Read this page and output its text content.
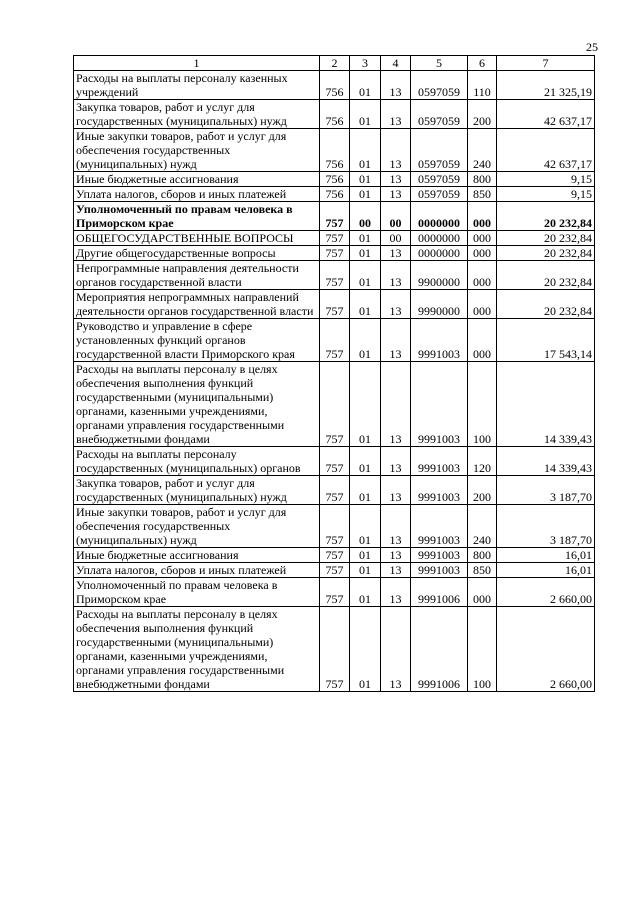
25
1	2	3	4	5	6	7
Расходы на выплаты персоналу казенных учреждений	756	01	13	0597059	110	21 325,19
Закупка товаров, работ и услуг для государственных (муниципальных) нужд	756	01	13	0597059	200	42 637,17
Иные закупки товаров, работ и услуг для обеспечения государственных (муниципальных) нужд	756	01	13	0597059	240	42 637,17
Иные бюджетные ассигнования	756	01	13	0597059	800	9,15
Уплата налогов, сборов и иных платежей	756	01	13	0597059	850	9,15
Уполномоченный по правам человека в Приморском крае	757	00	00	0000000	000	20 232,84
ОБЩЕГОСУДАРСТВЕННЫЕ ВОПРОСЫ	757	01	00	0000000	000	20 232,84
Другие общегосударственные вопросы	757	01	13	0000000	000	20 232,84
Непрограммные направления деятельности органов государственной власти	757	01	13	9900000	000	20 232,84
Мероприятия непрограммных направлений деятельности органов государственной власти	757	01	13	9990000	000	20 232,84
Руководство и управление в сфере установленных функций органов государственной власти Приморского края	757	01	13	9991003	000	17 543,14
Расходы на выплаты персоналу в целях обеспечения выполнения функций государственными (муниципальными) органами, казенными учреждениями, органами управления государственными внебюджетными фондами	757	01	13	9991003	100	14 339,43
Расходы на выплаты персоналу государственных (муниципальных) органов	757	01	13	9991003	120	14 339,43
Закупка товаров, работ и услуг для государственных (муниципальных) нужд	757	01	13	9991003	200	3 187,70
Иные закупки товаров, работ и услуг для обеспечения государственных (муниципальных) нужд	757	01	13	9991003	240	3 187,70
Иные бюджетные ассигнования	757	01	13	9991003	800	16,01
Уплата налогов, сборов и иных платежей	757	01	13	9991003	850	16,01
Уполномоченный по правам человека в Приморском крае	757	01	13	9991006	000	2 660,00
Расходы на выплаты персоналу в целях обеспечения выполнения функций государственными (муниципальными) органами, казенными учреждениями, органами управления государственными внебюджетными фондами	757	01	13	9991006	100	2 660,00
